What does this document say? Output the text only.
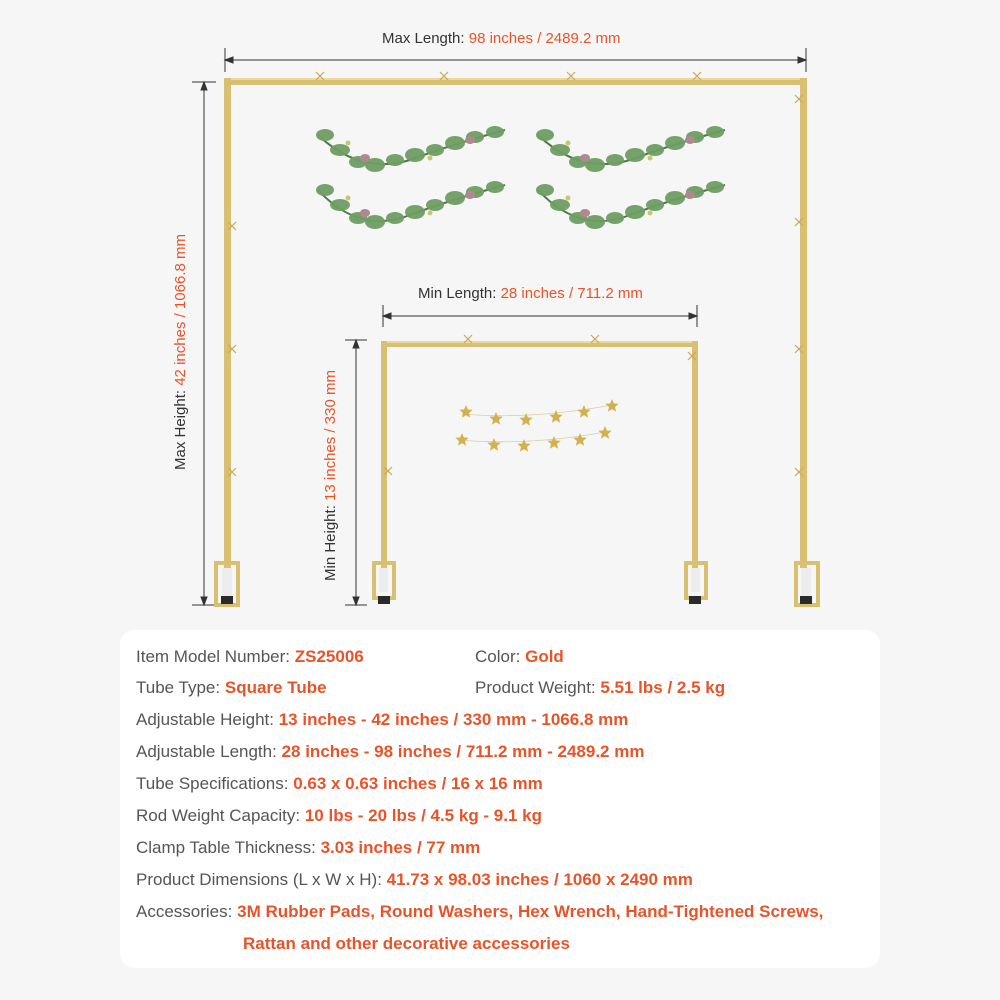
Max Length: 98 inches / 2489.2 mm
Max Height: 42 inches / 1066.8 mm	Min Length: 28 inches / 711.2 mm
Min Height: 13 inches / 330 mm
Item Model Number: ZS25006	Color: Gold
Tube Type: Square Tube	Product Weight: 5.51 lbs / 2.5 kg
Adjustable Height: 13 inches - 42 inches / 330 mm - 1066.8 mm
Adjustable Length: 28 inches - 98 inches / 711.2 mm - 2489.2 mm
Tube Specifications: 0.63 x 0.63 inches / 16 x 16 mm
Rod Weight Capacity: 10 lbs - 20 lbs / 4.5 kg - 9.1 kg
Clamp Table Thickness: 3.03 inches / 77 mm
Product Dimensions (L x W x H): 41.73 x 98.03 inches / 1060 x 2490 mm
Accessories: 3M Rubber Pads, Round Washers, Hex Wrench, Hand-Tightened Screws,
Rattan and other decorative accessories
